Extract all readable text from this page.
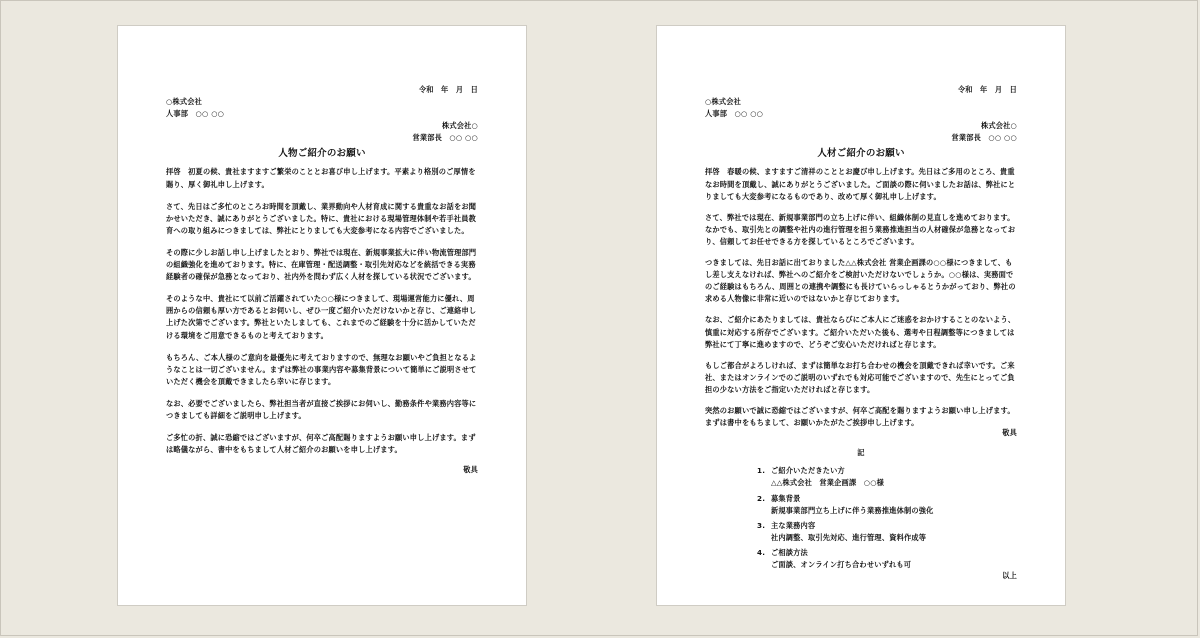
令和　年　月　日
○株式会社
人事部　○○ ○○
株式会社○
営業部長　○○ ○○
人物ご紹介のお願い

拝啓　初夏の候、貴社ますますご繁栄のこととお喜び申し上げます。平素より格別のご厚情を賜り、厚く御礼申し上げます。

さて、先日はご多忙のところお時間を頂戴し、業界動向や人材育成に関する貴重なお話をお聞かせいただき、誠にありがとうございました。特に、貴社における現場管理体制や若手社員教育への取り組みにつきましては、弊社にとりましても大変参考になる内容でございました。

その際に少しお話し申し上げましたとおり、弊社では現在、新規事業拡大に伴い物流管理部門の組織強化を進めております。特に、在庫管理・配送調整・取引先対応などを統括できる実務経験者の確保が急務となっており、社内外を問わず広く人材を探している状況でございます。

そのような中、貴社にて以前ご活躍されていた○○様につきまして、現場運営能力に優れ、周囲からの信頼も厚い方であるとお伺いし、ぜひ一度ご紹介いただけないかと存じ、ご連絡申し上げた次第でございます。弊社といたしましても、これまでのご経験を十分に活かしていただける環境をご用意できるものと考えております。

もちろん、ご本人様のご意向を最優先に考えておりますので、無理なお願いやご負担となるようなことは一切ございません。まずは弊社の事業内容や募集背景について簡単にご説明させていただく機会を頂戴できましたら幸いに存じます。

なお、必要でございましたら、弊社担当者が直接ご挨拶にお伺いし、勤務条件や業務内容等につきましても詳細をご説明申し上げます。

ご多忙の折、誠に恐縮ではございますが、何卒ご高配賜りますようお願い申し上げます。まずは略儀ながら、書中をもちまして人材ご紹介のお願いを申し上げます。

敬具
令和　年　月　日
○株式会社
人事部　○○ ○○
株式会社○
営業部長　○○ ○○
人材ご紹介のお願い

拝啓　春暖の候、ますますご清祥のこととお慶び申し上げます。先日はご多用のところ、貴重なお時間を頂戴し、誠にありがとうございました。ご面談の際に伺いましたお話は、弊社にとりましても大変参考になるものであり、改めて厚く御礼申し上げます。

さて、弊社では現在、新規事業部門の立ち上げに伴い、組織体制の見直しを進めております。なかでも、取引先との調整や社内の進行管理を担う業務推進担当の人材確保が急務となっており、信頼してお任せできる方を探しているところでございます。

つきましては、先日お話に出ておりました△△株式会社 営業企画課の○○様につきまして、もし差し支えなければ、弊社へのご紹介をご検討いただけないでしょうか。○○様は、実務面でのご経験はもちろん、周囲との連携や調整にも長けていらっしゃるとうかがっており、弊社の求める人物像に非常に近いのではないかと存じております。

なお、ご紹介にあたりましては、貴社ならびにご本人にご迷惑をおかけすることのないよう、慎重に対応する所存でございます。ご紹介いただいた後も、選考や日程調整等につきましては弊社にて丁寧に進めますので、どうぞご安心いただければと存じます。

もしご都合がよろしければ、まずは簡単なお打ち合わせの機会を頂戴できれば幸いです。ご来社、またはオンラインでのご説明のいずれでも対応可能でございますので、先生にとってご負担の少ない方法をご指定いただければと存じます。

突然のお願いで誠に恐縮ではございますが、何卒ご高配を賜りますようお願い申し上げます。まずは書中をもちまして、お願いかたがたご挨拶申し上げます。

敬具
記
1. ご紹介いただきたい方
△△株式会社　営業企画課　○○様
2. 募集背景
新規事業部門立ち上げに伴う業務推進体制の強化
3. 主な業務内容
社内調整、取引先対応、進行管理、資料作成等
4. ご相談方法
ご面談、オンライン打ち合わせいずれも可
以上
